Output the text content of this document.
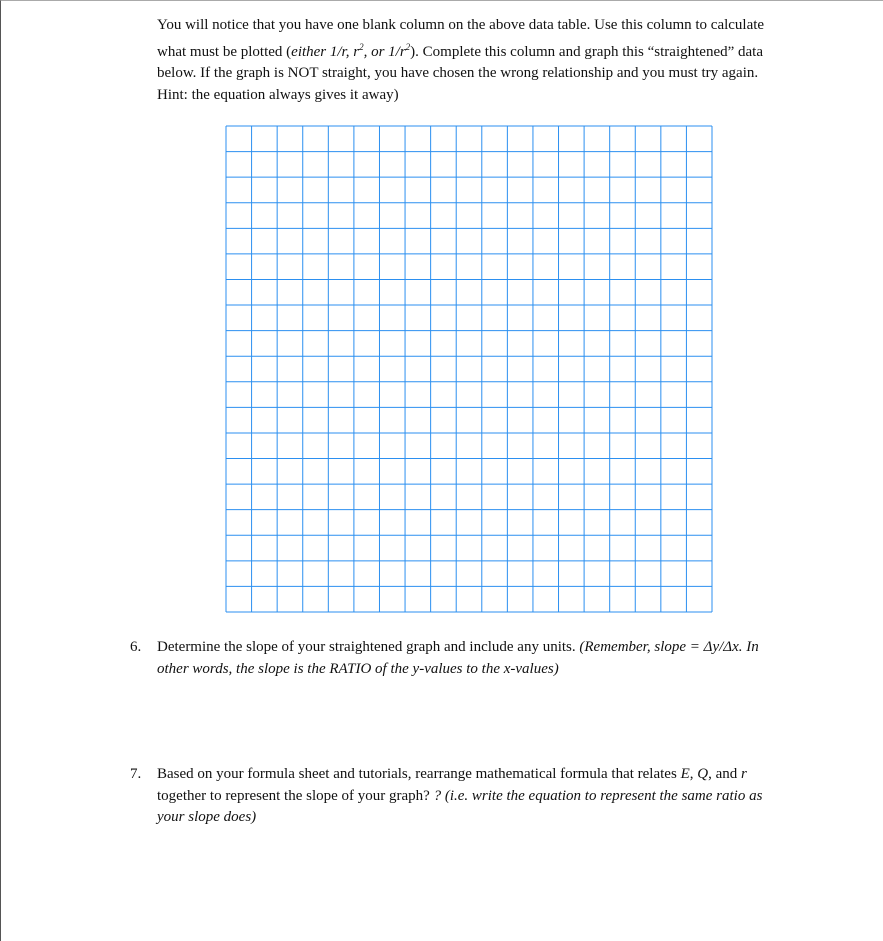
You will notice that you have one blank column on the above data table. Use this column to calculate what must be plotted (either 1/r, $r^2$, or $1/r^2$). Complete this column and graph this “straightened” data below. If the graph is NOT straight, you have chosen the wrong relationship and you must try again. Hint: the equation always gives it away)
6. Determine the slope of your straightened graph and include any units. (Remember, slope = Δy/Δx. In other words, the slope is the RATIO of the y-values to the x-values)
7. Based on your formula sheet and tutorials, rearrange mathematical formula that relates E, Q, and r together to represent the slope of your graph? ? (i.e. write the equation to represent the same ratio as your slope does)
